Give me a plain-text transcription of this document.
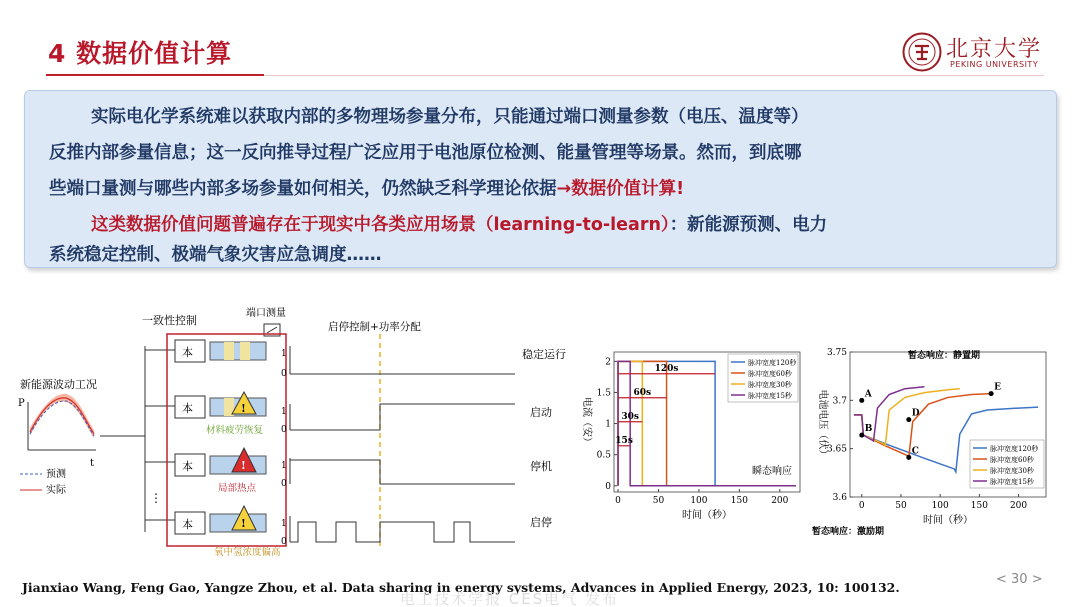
4 数据价值计算	北京大学
PEKING UNIVERSITY
实际电化学系统难以获取内部的多物理场参量分布，只能通过端口测量参数（电压、温度等）
反推内部参量信息；这一反向推导过程广泛应用于电池原位检测、能量管理等场景。然而，到底哪
些端口量测与哪些内部多场参量如何相关，仍然缺乏科学理论依据→数据价值计算!
这类数据价值问题普遍存在于现实中各类应用场景（learning-to-learn）：新能源预测、电力
系统稳定控制、极端气象灾害应急调度……
新能源波动工况
P
t
预测
实际
⋮
一致性控制
端口测量
本
本	!
材料疲劳恢复
本	!
局部热点
本	!
氧中氢浓度偏高
启停控制+功率分配
1
0
稳定运行
1
0
启动
1
0
停机
1
0
启停
0	50	100	150	200
0
0.5
1
1.5
2
时间（秒）
电流（安）
脉冲宽度120秒
脉冲宽度60秒
脉冲宽度30秒
脉冲宽度15秒
120s
60s
30s
15s
瞬态响应
0	50	100 150 200
3.6
3.65
3.7
3.75
时间（秒）
电池电压（伏）	脉冲宽度120秒
脉冲宽度60秒
脉冲宽度30秒
脉冲宽度15秒
A
B
C
D
E
暂态响应：静置期
暂态响应：激励期
Jianxiao Wang, Feng Gao, Yangze Zhou, et al. Data sharing in energy systems, Advances in Applied Energy, 2023, 10: 100132.
< 30 >
电工技术学报 CES电气 发布
